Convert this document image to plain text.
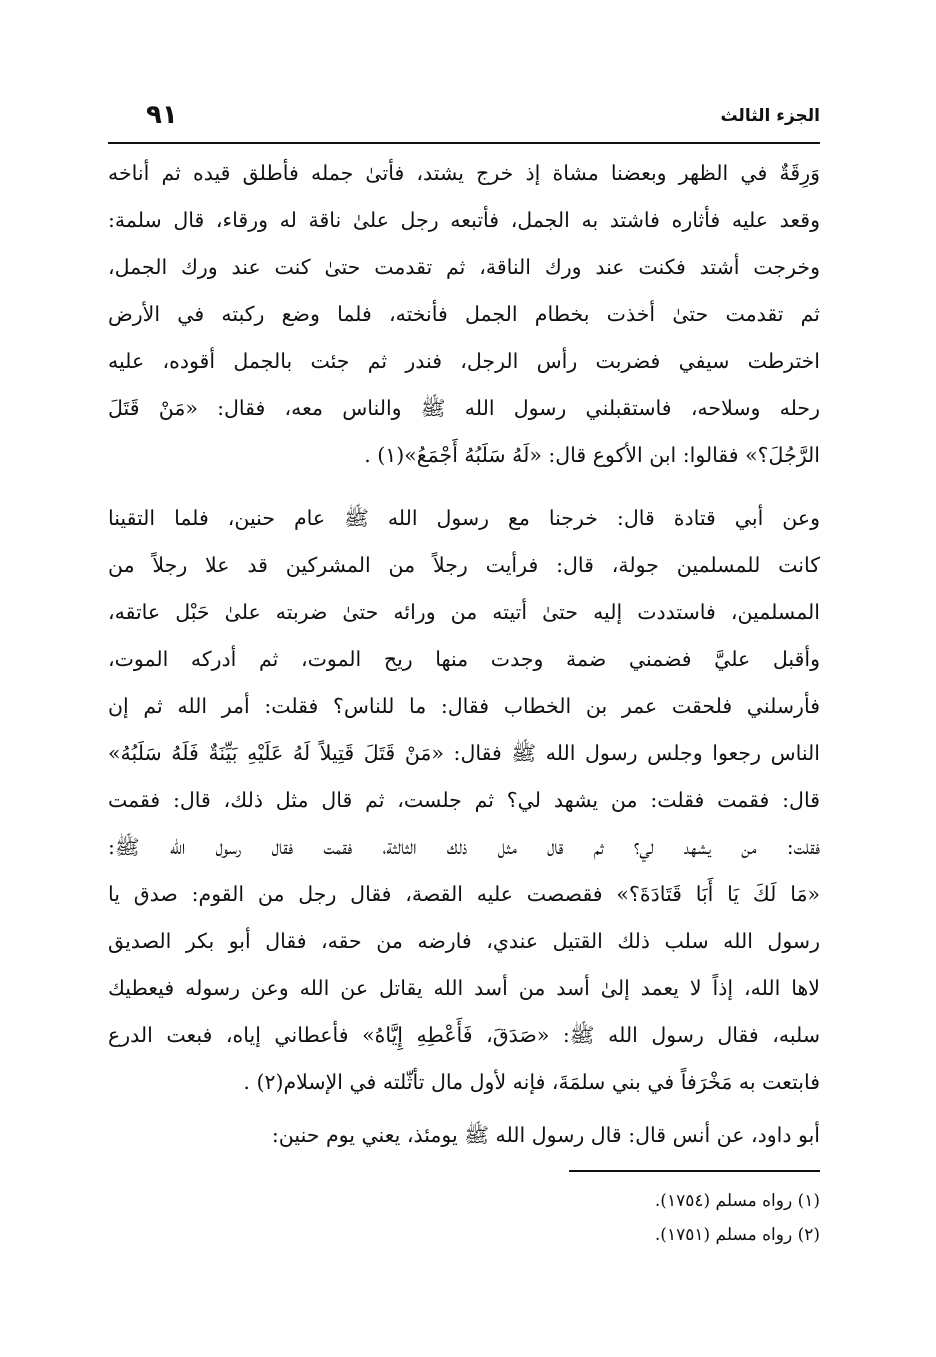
الجزء الثالث
٩١
وَرِقَةٌ في الظهر وبعضنا مشاة إذ خرج يشتد، فأتىٰ جمله فأطلق قيده ثم أناخه
وقعد عليه فأثاره فاشتد به الجمل، فأتبعه رجل علىٰ ناقة له ورقاء، قال سلمة:
وخرجت أشتد فكنت عند ورك الناقة، ثم تقدمت حتىٰ كنت عند ورك الجمل،
ثم تقدمت حتىٰ أخذت بخطام الجمل فأنخته، فلما وضع ركبته في الأرض
اخترطت سيفي فضربت رأس الرجل، فندر ثم جئت بالجمل أقوده، عليه
رحله وسلاحه، فاستقبلني رسول الله ﷺ والناس معه، فقال: «مَنْ قَتَلَ
الرَّجُلَ؟» فقالوا: ابن الأكوع قال: «لَهُ سَلَبُهُ أَجْمَعُ»(١) .
وعن أبي قتادة قال: خرجنا مع رسول الله ﷺ عام حنين، فلما التقينا
كانت للمسلمين جولة، قال: فرأيت رجلاً من المشركين قد علا رجلاً من
المسلمين، فاستددت إليه حتىٰ أتيته من ورائه حتىٰ ضربته علىٰ حَبْل عاتقه،
وأقبل عليَّ فضمني ضمة وجدت منها ريح الموت، ثم أدركه الموت،
فأرسلني فلحقت عمر بن الخطاب فقال: ما للناس؟ فقلت: أمر الله ثم إن
الناس رجعوا وجلس رسول الله ﷺ فقال: «مَنْ قَتَلَ قَتِيلاً لَهُ عَلَيْهِ بَيِّنَةٌ فَلَهُ سَلَبُهُ»
قال: فقمت فقلت: من يشهد لي؟ ثم جلست، ثم قال مثل ذلك، قال: فقمت
فقلت: من يشهد لي؟ ثم قال مثل ذلك الثالثة، فقمت فقال رسول الله ﷺ:
«مَا لَكَ يَا أَبَا قَتَادَةَ؟» فقصصت عليه القصة، فقال رجل من القوم: صدق يا
رسول الله سلب ذلك القتيل عندي، فارضه من حقه، فقال أبو بكر الصديق
لاها الله، إذاً لا يعمد إلىٰ أسد من أسد الله يقاتل عن الله وعن رسوله فيعطيك
سلبه، فقال رسول الله ﷺ: «صَدَقَ، فَأَعْطِهِ إِيَّاهُ» فأعطاني إياه، فبعت الدرع
فابتعت به مَخْرَفاً في بني سلمَةَ، فإنه لأول مال تأثّلته في الإسلام(٢) .
أبو داود، عن أنس قال: قال رسول الله ﷺ يومئذ، يعني يوم حنين:
(١) رواه مسلم (١٧٥٤).
(٢) رواه مسلم (١٧٥١).
